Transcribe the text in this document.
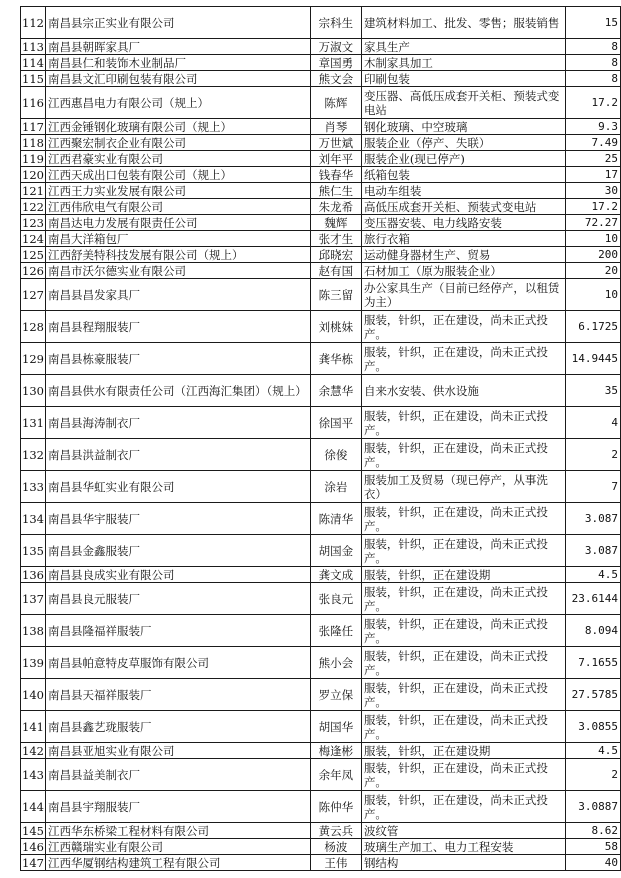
112	南昌县宗正实业有限公司	宗科生	建筑材料加工、批发、零售；服装销售	15
113	南昌县朝晖家具厂	万淑文	家具生产	8
114	南昌县仁和装饰木业制品厂	章国勇	木制家具加工	8
115	南昌县文汇印刷包装有限公司	熊文会	印刷包装	8
116	江西惠昌电力有限公司（规上）	陈辉	变压器、高低压成套开关柜、预装式变电站	17.2
117	江西金锤钢化玻璃有限公司（规上）	肖琴	钢化玻璃、中空玻璃	9.3
118	江西聚宏制衣企业有限公司	万世斌	服装企业（停产、失联）	7.49
119	江西君豪实业有限公司	刘年平	服装企业(现已停产)	25
120	江西天成出口包装有限公司（规上）	钱春华	纸箱包装	17
121	江西王力实业发展有限公司	熊仁生	电动车组装	30
122	江西伟欣电气有限公司	朱龙希	高低压成套开关柜、预装式变电站	17.2
123	南昌达电力发展有限责任公司	魏辉	变压器安装、电力线路安装	72.27
124	南昌大洋箱包厂	张才生	旅行衣箱	10
125	江西舒美特科技发展有限公司（规上）	邱晓宏	运动健身器材生产、贸易	200
126	南昌市沃尔德实业有限公司	赵有国	石材加工（原为服装企业）	20
127	南昌县昌发家具厂	陈三留	办公家具生产（目前已经停产，以租赁为主）	10
128	南昌县程翔服装厂	刘桃妹	服装，针织，正在建设，尚未正式投产。	6.1725
129	南昌县栋豪服装厂	龚华栋	服装，针织，正在建设，尚未正式投产。	14.9445
130	南昌县供水有限责任公司（江西海汇集团）（规上）	余慧华	自来水安装、供水设施	35
131	南昌县海涛制衣厂	徐国平	服装，针织，正在建设，尚未正式投产。	4
132	南昌县洪益制衣厂	徐俊	服装，针织，正在建设，尚未正式投产。	2
133	南昌县华虹实业有限公司	涂岩	服装加工及贸易（现已停产，从事洗衣）	7
134	南昌县华宇服装厂	陈清华	服装，针织，正在建设，尚未正式投产。	3.087
135	南昌县金鑫服装厂	胡国金	服装，针织，正在建设，尚未正式投产。	3.087
136	南昌县良成实业有限公司	龚文成	服装，针织，正在建设期	4.5
137	南昌县良元服装厂	张良元	服装，针织，正在建设，尚未正式投产。	23.6144
138	南昌县隆福祥服装厂	张隆任	服装，针织，正在建设，尚未正式投产。	8.094
139	南昌县帕意特皮草服饰有限公司	熊小会	服装，针织，正在建设，尚未正式投产。	7.1655
140	南昌县天福祥服装厂	罗立保	服装，针织，正在建设，尚未正式投产。	27.5785
141	南昌县鑫艺珑服装厂	胡国华	服装，针织，正在建设，尚未正式投产。	3.0855
142	南昌县亚旭实业有限公司	梅逢彬	服装，针织，正在建设期	4.5
143	南昌县益美制衣厂	余年凤	服装，针织，正在建设，尚未正式投产。	2
144	南昌县宇翔服装厂	陈仲华	服装，针织，正在建设，尚未正式投产。	3.0887
145	江西华东桥梁工程材料有限公司	黄云兵	波纹管	8.62
146	江西赣瑞实业有限公司	杨波	玻璃生产加工、电力工程安装	58
147	江西华厦钢结构建筑工程有限公司	王伟	钢结构	40
